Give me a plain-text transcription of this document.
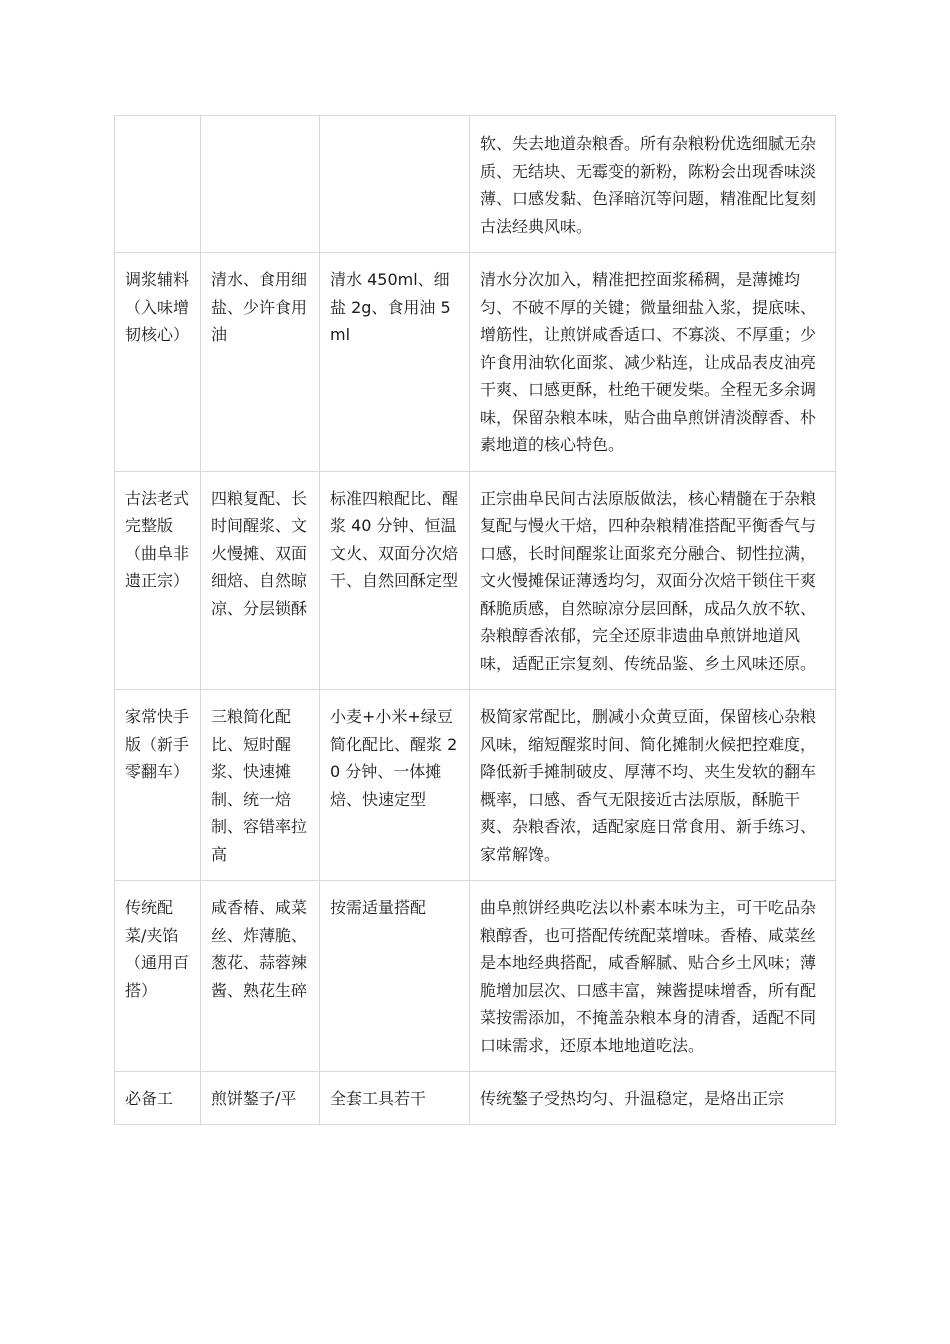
			软、失去地道杂粮香。所有杂粮粉优选细腻无杂质、无结块、无霉变的新粉，陈粉会出现香味淡薄、口感发黏、色泽暗沉等问题，精准配比复刻古法经典风味。
调浆辅料（入味增韧核心）	清水、食用细盐、少许食用油	清水 450ml、细盐 2g、食用油 5ml	清水分次加入，精准把控面浆稀稠，是薄摊均匀、不破不厚的关键；微量细盐入浆，提底味、增筋性，让煎饼咸香适口、不寡淡、不厚重；少许食用油软化面浆、减少粘连，让成品表皮油亮干爽、口感更酥，杜绝干硬发柴。全程无多余调味，保留杂粮本味，贴合曲阜煎饼清淡醇香、朴素地道的核心特色。
古法老式完整版（曲阜非遗正宗）	四粮复配、长时间醒浆、文火慢摊、双面细焙、自然晾凉、分层锁酥	标准四粮配比、醒浆 40 分钟、恒温文火、双面分次焙干、自然回酥定型	正宗曲阜民间古法原版做法，核心精髓在于杂粮复配与慢火干焙，四种杂粮精准搭配平衡香气与口感，长时间醒浆让面浆充分融合、韧性拉满，文火慢摊保证薄透均匀，双面分次焙干锁住干爽酥脆质感，自然晾凉分层回酥，成品久放不软、杂粮醇香浓郁，完全还原非遗曲阜煎饼地道风味，适配正宗复刻、传统品鉴、乡土风味还原。
家常快手版（新手零翻车）	三粮简化配比、短时醒浆、快速摊制、统一焙制、容错率拉高	小麦+小米+绿豆简化配比、醒浆 20 分钟、一体摊焙、快速定型	极简家常配比，删减小众黄豆面，保留核心杂粮风味，缩短醒浆时间、简化摊制火候把控难度，降低新手摊制破皮、厚薄不均、夹生发软的翻车概率，口感、香气无限接近古法原版，酥脆干爽、杂粮香浓，适配家庭日常食用、新手练习、家常解馋。
传统配菜/夹馅（通用百搭）	咸香椿、咸菜丝、炸薄脆、葱花、蒜蓉辣酱、熟花生碎	按需适量搭配	曲阜煎饼经典吃法以朴素本味为主，可干吃品杂粮醇香，也可搭配传统配菜增味。香椿、咸菜丝是本地经典搭配，咸香解腻、贴合乡土风味；薄脆增加层次、口感丰富，辣酱提味增香，所有配菜按需添加，不掩盖杂粮本身的清香，适配不同口味需求，还原本地地道吃法。
必备工	煎饼鏊子/平	全套工具若干	传统鏊子受热均匀、升温稳定，是烙出正宗
